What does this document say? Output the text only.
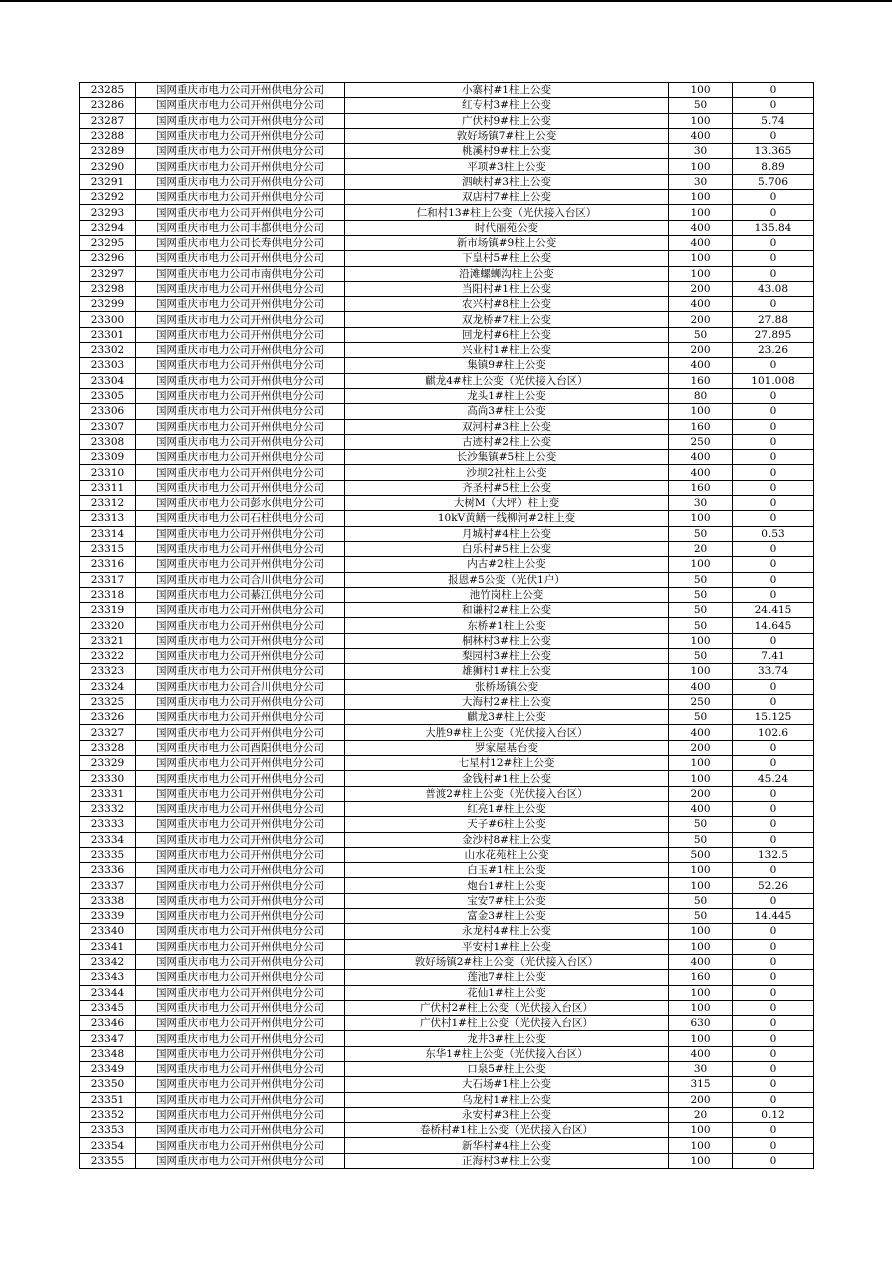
23285	国网重庆市电力公司开州供电分公司	小寨村#1柱上公变	100	0
23286	国网重庆市电力公司开州供电分公司	红专村3#柱上公变	50	0
23287	国网重庆市电力公司开州供电分公司	广伏村9#柱上公变	100	5.74
23288	国网重庆市电力公司开州供电分公司	敦好场镇7#柱上公变	400	0
23289	国网重庆市电力公司开州供电分公司	桃溪村9#柱上公变	30	13.365
23290	国网重庆市电力公司开州供电分公司	平项#3柱上公变	100	8.89
23291	国网重庆市电力公司开州供电分公司	泗峡村#3柱上公变	30	5.706
23292	国网重庆市电力公司开州供电分公司	双店村7#柱上公变	100	0
23293	国网重庆市电力公司开州供电分公司	仁和村13#柱上公变（光伏接入台区）	100	0
23294	国网重庆市电力公司丰都供电分公司	时代丽苑公变	400	135.84
23295	国网重庆市电力公司长寿供电分公司	新市场镇#9柱上公变	400	0
23296	国网重庆市电力公司开州供电分公司	下皇村5#柱上公变	100	0
23297	国网重庆市电力公司市南供电分公司	沿滩螺蛳沟柱上公变	100	0
23298	国网重庆市电力公司开州供电分公司	当阳村#1柱上公变	200	43.08
23299	国网重庆市电力公司开州供电分公司	农兴村#8柱上公变	400	0
23300	国网重庆市电力公司开州供电分公司	双龙桥#7柱上公变	200	27.88
23301	国网重庆市电力公司开州供电分公司	回龙村#6柱上公变	50	27.895
23302	国网重庆市电力公司开州供电分公司	兴业村1#柱上公变	200	23.26
23303	国网重庆市电力公司开州供电分公司	集镇9#柱上公变	400	0
23304	国网重庆市电力公司开州供电分公司	麒龙4#柱上公变（光伏接入台区）	160	101.008
23305	国网重庆市电力公司开州供电分公司	龙头1#柱上公变	80	0
23306	国网重庆市电力公司开州供电分公司	高尚3#柱上公变	100	0
23307	国网重庆市电力公司开州供电分公司	双河村#3柱上公变	160	0
23308	国网重庆市电力公司开州供电分公司	古迹村#2柱上公变	250	0
23309	国网重庆市电力公司开州供电分公司	长沙集镇#5柱上公变	400	0
23310	国网重庆市电力公司开州供电分公司	沙坝2社柱上公变	400	0
23311	国网重庆市电力公司开州供电分公司	齐圣村#5柱上公变	160	0
23312	国网重庆市电力公司彭水供电分公司	大树M（大坪）柱上变	30	0
23313	国网重庆市电力公司石柱供电分公司	10kV黄鳝一线柳河#2柱上变	100	0
23314	国网重庆市电力公司开州供电分公司	月城村#4柱上公变	50	0.53
23315	国网重庆市电力公司开州供电分公司	白乐村#5柱上公变	20	0
23316	国网重庆市电力公司开州供电分公司	内古#2柱上公变	100	0
23317	国网重庆市电力公司合川供电分公司	报恩#5公变（光伏1户）	50	0
23318	国网重庆市电力公司綦江供电分公司	池竹岗柱上公变	50	0
23319	国网重庆市电力公司开州供电分公司	和谦村2#柱上公变	50	24.415
23320	国网重庆市电力公司开州供电分公司	东桥#1柱上公变	50	14.645
23321	国网重庆市电力公司开州供电分公司	桐林村3#柱上公变	100	0
23322	国网重庆市电力公司开州供电分公司	梨园村3#柱上公变	50	7.41
23323	国网重庆市电力公司开州供电分公司	雄狮村1#柱上公变	100	33.74
23324	国网重庆市电力公司合川供电分公司	张桥场镇公变	400	0
23325	国网重庆市电力公司开州供电分公司	大海村2#柱上公变	250	0
23326	国网重庆市电力公司开州供电分公司	麒龙3#柱上公变	50	15.125
23327	国网重庆市电力公司开州供电分公司	大胜9#柱上公变（光伏接入台区）	400	102.6
23328	国网重庆市电力公司酉阳供电分公司	罗家屋基台变	200	0
23329	国网重庆市电力公司开州供电分公司	七星村12#柱上公变	100	0
23330	国网重庆市电力公司开州供电分公司	金钱村#1柱上公变	100	45.24
23331	国网重庆市电力公司开州供电分公司	普渡2#柱上公变（光伏接入台区）	200	0
23332	国网重庆市电力公司开州供电分公司	红亮1#柱上公变	400	0
23333	国网重庆市电力公司开州供电分公司	天子#6柱上公变	50	0
23334	国网重庆市电力公司开州供电分公司	金沙村8#柱上公变	50	0
23335	国网重庆市电力公司开州供电分公司	山水花苑柱上公变	500	132.5
23336	国网重庆市电力公司开州供电分公司	白玉#1柱上公变	100	0
23337	国网重庆市电力公司开州供电分公司	炮台1#柱上公变	100	52.26
23338	国网重庆市电力公司开州供电分公司	宝安7#柱上公变	50	0
23339	国网重庆市电力公司开州供电分公司	富金3#柱上公变	50	14.445
23340	国网重庆市电力公司开州供电分公司	永龙村4#柱上公变	100	0
23341	国网重庆市电力公司开州供电分公司	平安村1#柱上公变	100	0
23342	国网重庆市电力公司开州供电分公司	敦好场镇2#柱上公变（光伏接入台区）	400	0
23343	国网重庆市电力公司开州供电分公司	莲池7#柱上公变	160	0
23344	国网重庆市电力公司开州供电分公司	花仙1#柱上公变	100	0
23345	国网重庆市电力公司开州供电分公司	广伏村2#柱上公变（光伏接入台区）	100	0
23346	国网重庆市电力公司开州供电分公司	广伏村1#柱上公变（光伏接入台区）	630	0
23347	国网重庆市电力公司开州供电分公司	龙井3#柱上公变	100	0
23348	国网重庆市电力公司开州供电分公司	东华1#柱上公变（光伏接入台区）	400	0
23349	国网重庆市电力公司开州供电分公司	口泉5#柱上公变	30	0
23350	国网重庆市电力公司开州供电分公司	大石场#1柱上公变	315	0
23351	国网重庆市电力公司开州供电分公司	乌龙村1#柱上公变	200	0
23352	国网重庆市电力公司开州供电分公司	永安村#3柱上公变	20	0.12
23353	国网重庆市电力公司开州供电分公司	卷桥村#1柱上公变（光伏接入台区）	100	0
23354	国网重庆市电力公司开州供电分公司	新华村#4柱上公变	100	0
23355	国网重庆市电力公司开州供电分公司	正海村3#柱上公变	100	0
